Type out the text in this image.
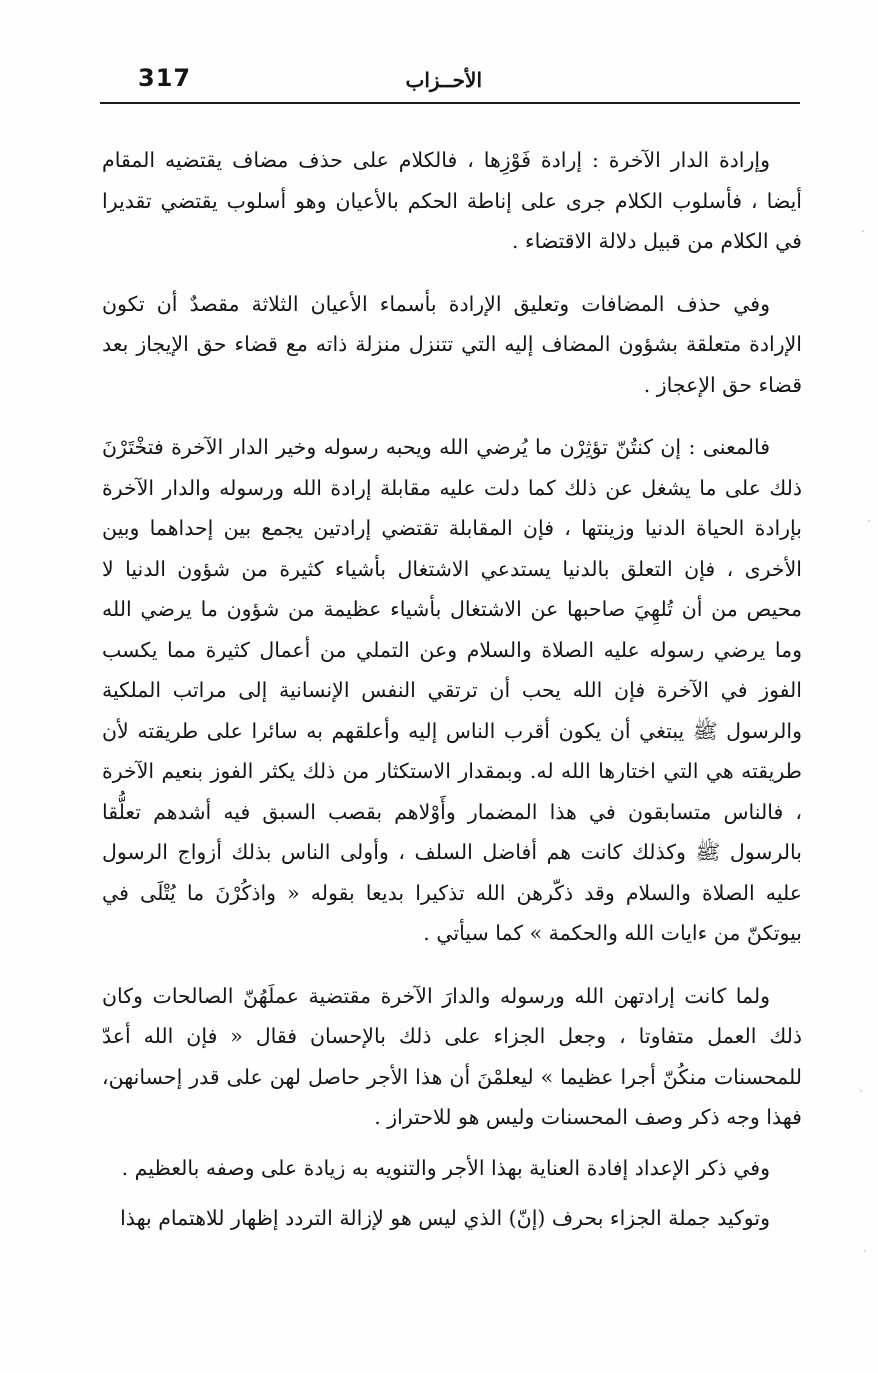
317	الأحــزاب

وإرادة الدار الآخرة : إرادة فَوْزِها ، فالكلام على حذف مضاف يقتضيه المقام أيضا ، فأسلوب الكلام جرى على إناطة الحكم بالأعيان وهو أسلوب يقتضي تقديرا في الكلام من قبيل دلالة الاقتضاء .

وفي حذف المضافات وتعليق الإرادة بأسماء الأعيان الثلاثة مقصدٌ أن تكون الإرادة متعلقة بشؤون المضاف إليه التي تتنزل منزلة ذاته مع قضاء حق الإيجاز بعد قضاء حق الإعجاز .

فالمعنى : إن كنتُنّ تؤثِرْن ما يُرضي الله ويحبه رسوله وخير الدار الآخرة فتخْتَرْنَ ذلك على ما يشغل عن ذلك كما دلت عليه مقابلة إرادة الله ورسوله والدار الآخرة بإرادة الحياة الدنيا وزينتها ، فإن المقابلة تقتضي إرادتين يجمع بين إحداهما وبين الأخرى ، فإن التعلق بالدنيا يستدعي الاشتغال بأشياء كثيرة من شؤون الدنيا لا محيص من أن تُلهِيَ صاحبها عن الاشتغال بأشياء عظيمة من شؤون ما يرضي الله وما يرضي رسوله عليه الصلاة والسلام وعن التملي من أعمال كثيرة مما يكسب الفوز في الآخرة فإن الله يحب أن ترتقي النفس الإنسانية إلى مراتب الملكية والرسول ﷺ يبتغي أن يكون أقرب الناس إليه وأعلقهم به سائرا على طريقته لأن طريقته هي التي اختارها الله له. وبمقدار الاستكثار من ذلك يكثر الفوز بنعيم الآخرة ، فالناس متسابقون في هذا المضمار وأَوْلاهم بقصب السبق فيه أشدهم تعلُّقا بالرسول ﷺ وكذلك كانت هم أفاضل السلف ، وأولى الناس بذلك أزواج الرسول عليه الصلاة والسلام وقد ذكّرهن الله تذكيرا بديعا بقوله « واذكُرْنَ ما يُتْلَى في بيوتكنّ من ءايات الله والحكمة » كما سيأتي .

ولما كانت إرادتهن الله ورسوله والدارَ الآخرة مقتضية عملَهُنّ الصالحات وكان ذلك العمل متفاوتا ، وجعل الجزاء على ذلك بالإحسان فقال « فإن الله أعدّ للمحسنات منكُنّ أجرا عظيما » ليعلمْنَ أن هذا الأجر حاصل لهن على قدر إحسانهن، فهذا وجه ذكر وصف المحسنات وليس هو للاحتراز .

وفي ذكر الإعداد إفادة العناية بهذا الأجر والتنويه به زيادة على وصفه بالعظيم .

وتوكيد جملة الجزاء بحرف (إنّ) الذي ليس هو لإزالة التردد إظهار للاهتمام بهذا
